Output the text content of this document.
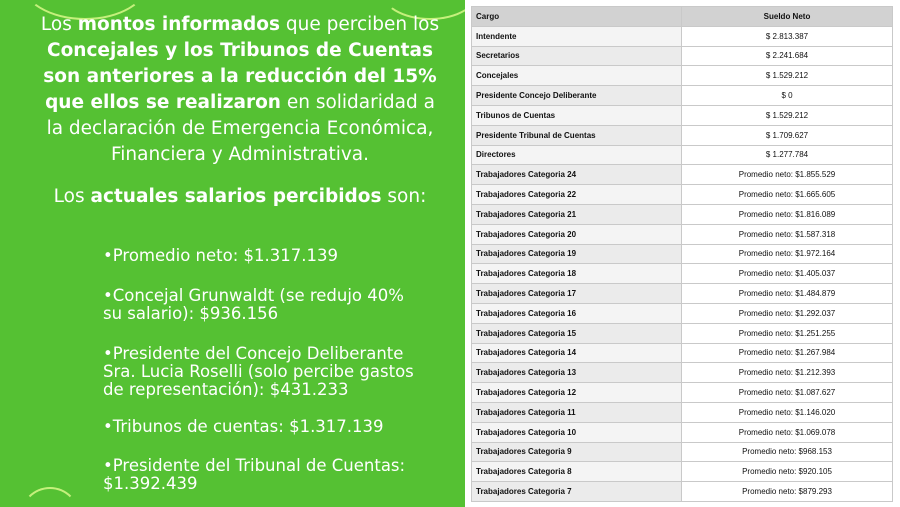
Los montos informados que perciben los Concejales y los Tribunos de Cuentas son anteriores a la reducción del 15% que ellos se realizaron en solidaridad a la declaración de Emergencia Económica, Financiera y Administrativa.

Los actuales salarios percibidos son:

•Promedio neto: $1.317.139

•Concejal Grunwaldt (se redujo 40% su salario): $936.156

•Presidente del Concejo Deliberante Sra. Lucia Roselli (solo percibe gastos de representación): $431.233

•Tribunos de cuentas: $1.317.139

•Presidente del Tribunal de Cuentas: $1.392.439

Cargo	Sueldo Neto
Intendente	$ 2.813.387
Secretarios	$ 2.241.684
Concejales	$ 1.529.212
Presidente Concejo Deliberante	$ 0
Tribunos de Cuentas	$ 1.529.212
Presidente Tribunal de Cuentas	$ 1.709.627
Directores	$ 1.277.784
Trabajadores Categoria 24	Promedio neto: $1.855.529
Trabajadores Categoria 22	Promedio neto: $1.665.605
Trabajadores Categoria 21	Promedio neto: $1.816.089
Trabajadores Categoria 20	Promedio neto: $1.587.318
Trabajadores Categoria 19	Promedio neto: $1.972.164
Trabajadores Categoria 18	Promedio neto: $1.405.037
Trabajadores Categoria 17	Promedio neto: $1.484.879
Trabajadores Categoria 16	Promedio neto: $1.292.037
Trabajadores Categoria 15	Promedio neto: $1.251.255
Trabajadores Categoria 14	Promedio neto: $1.267.984
Trabajadores Categoria 13	Promedio neto: $1.212.393
Trabajadores Categoria 12	Promedio neto: $1.087.627
Trabajadores Categoria 11	Promedio neto: $1.146.020
Trabajadores Categoria 10	Promedio neto: $1.069.078
Trabajadores Categoria 9	Promedio neto: $968.153
Trabajadores Categoria 8	Promedio neto: $920.105
Trabajadores Categoria 7	Promedio neto: $879.293
